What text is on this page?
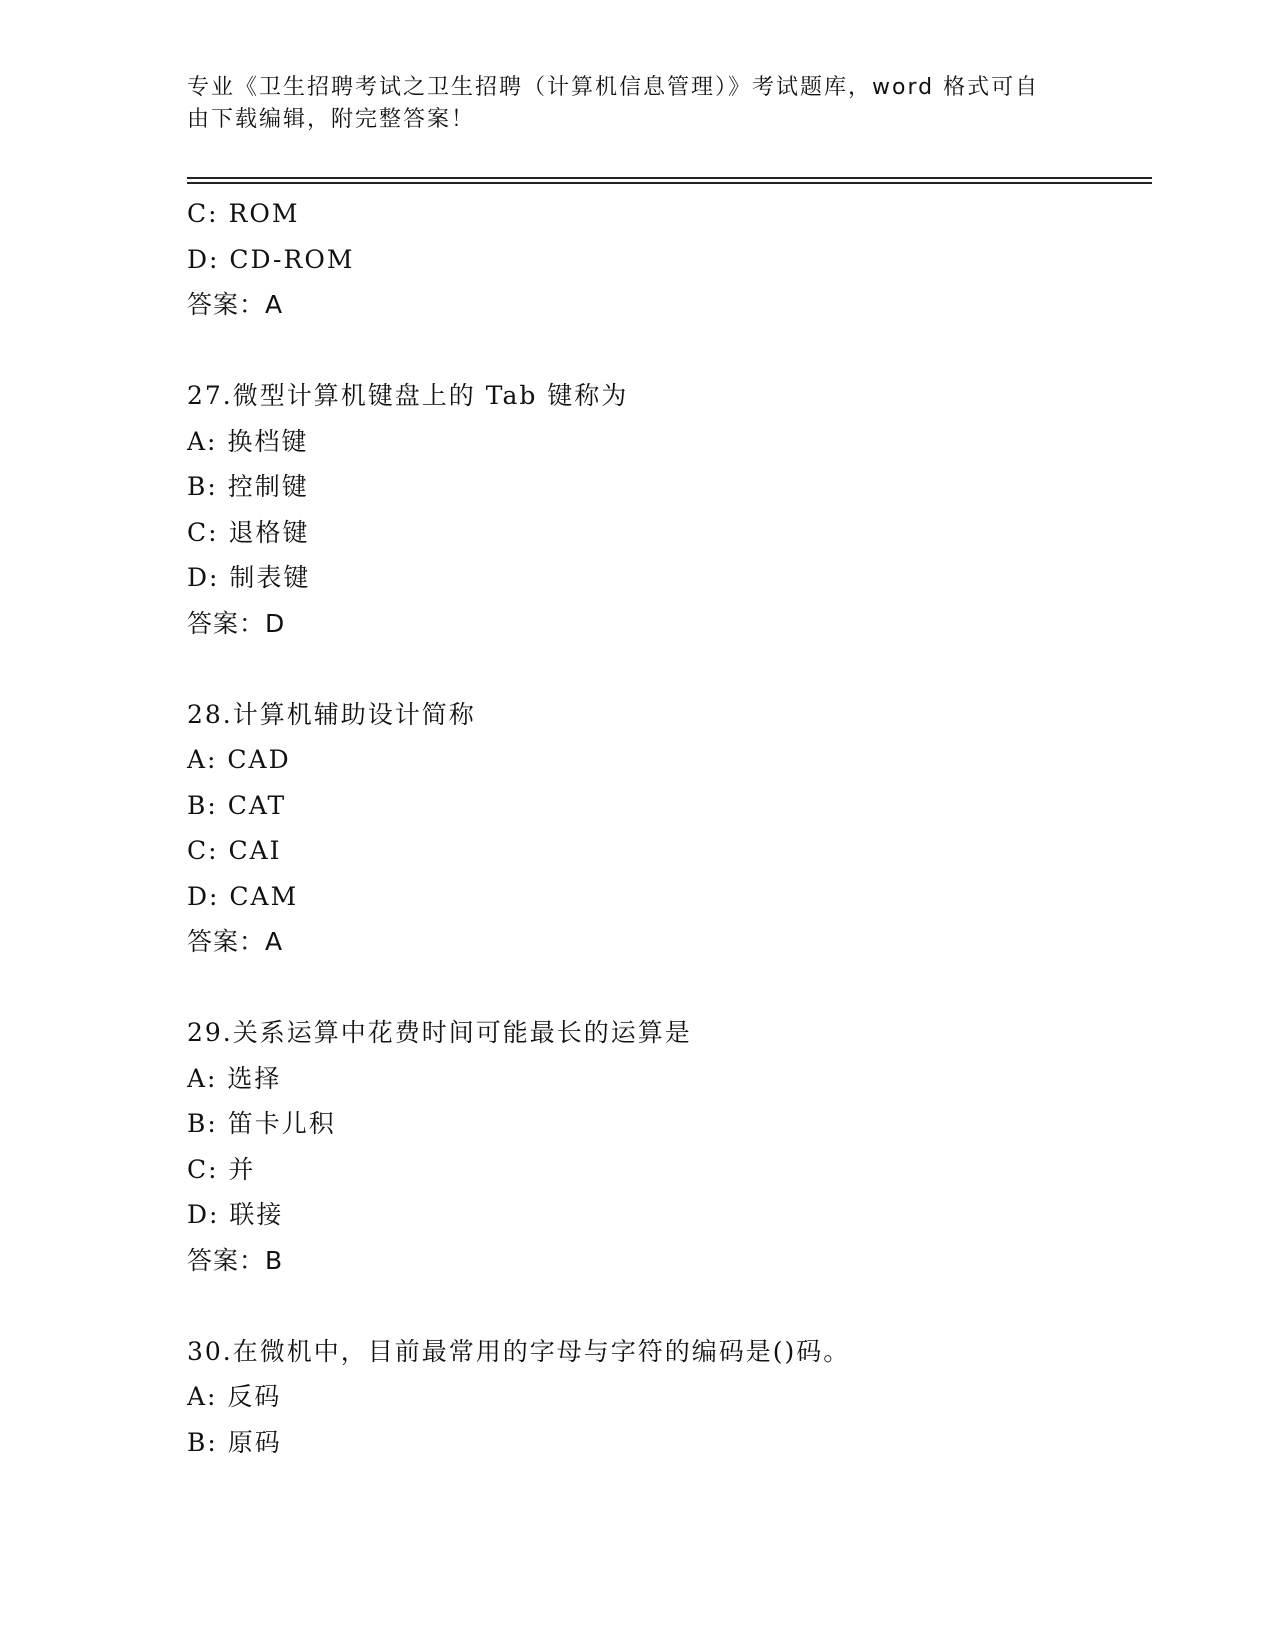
专业《卫生招聘考试之卫生招聘（计算机信息管理）》考试题库，word 格式可自
由下载编辑，附完整答案！
C: ROM
D: CD-ROM
答案：A
27.微型计算机键盘上的 Tab 键称为
A: 换档键
B: 控制键
C: 退格键
D: 制表键
答案：D
28.计算机辅助设计简称
A: CAD
B: CAT
C: CAI
D: CAM
答案：A
29.关系运算中花费时间可能最长的运算是
A: 选择
B: 笛卡儿积
C: 并
D: 联接
答案：B
30.在微机中，目前最常用的字母与字符的编码是()码。
A: 反码
B: 原码
